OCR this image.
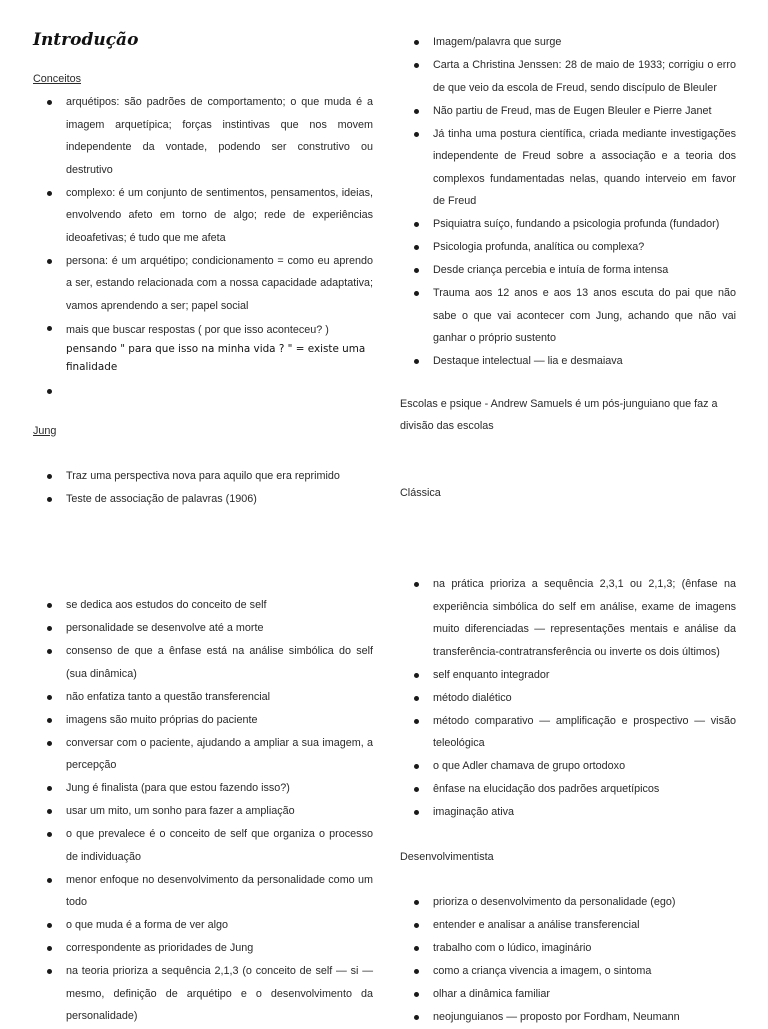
Introdução
Conceitos
arquétipos: são padrões de comportamento; o que muda é a imagem arquetípica; forças instintivas que nos movem independente da vontade, podendo ser construtivo ou destrutivo
complexo: é um conjunto de sentimentos, pensamentos, ideias, envolvendo afeto em torno de algo; rede de experiências ideoafetivas; é tudo que me afeta
persona: é um arquétipo; condicionamento = como eu aprendo a ser, estando relacionada com a nossa capacidade adaptativa; vamos aprendendo a ser; papel social
mais que buscar respostas ( por que isso aconteceu? )
pensando " para que isso na minha vida ? " = existe uma
finalidade
Jung
Traz uma perspectiva nova para aquilo que era reprimido
Teste de associação de palavras (1906)
se dedica aos estudos do conceito de self
personalidade se desenvolve até a morte
consenso de que a ênfase está na análise simbólica do self (sua dinâmica)
não enfatiza tanto a questão transferencial
imagens são muito próprias do paciente
conversar com o paciente, ajudando a ampliar a sua imagem, a percepção
Jung é finalista (para que estou fazendo isso?)
usar um mito, um sonho para fazer a ampliação
o que prevalece é o conceito de self que organiza o processo de individuação
menor enfoque no desenvolvimento da personalidade como um todo
o que muda é a forma de ver algo
correspondente as prioridades de Jung
na teoria prioriza a sequência 2,1,3 (o conceito de self — si — mesmo, definição de arquétipo e o desenvolvimento da personalidade)
Imagem/palavra que surge
Carta a Christina Jenssen: 28 de maio de 1933; corrigiu o erro de que veio da escola de Freud, sendo discípulo de Bleuler
Não partiu de Freud, mas de Eugen Bleuler e Pierre Janet
Já tinha uma postura científica, criada mediante investigações independente de Freud sobre a associação e a teoria dos complexos fundamentadas nelas, quando interveio em favor de Freud
Psiquiatra suíço, fundando a psicologia profunda (fundador)
Psicologia profunda, analítica ou complexa?
Desde criança percebia e intuía de forma intensa
Trauma aos 12 anos e aos 13 anos escuta do pai que não sabe o que vai acontecer com Jung, achando que não vai ganhar o próprio sustento
Destaque intelectual — lia e desmaiava
Escolas e psique - Andrew Samuels é um pós-junguiano que faz a divisão das escolas
Clássica
na prática prioriza a sequência 2,3,1 ou 2,1,3; (ênfase na experiência simbólica do self em análise, exame de imagens muito diferenciadas — representações mentais e análise da transferência-contratransferência ou inverte os dois últimos)
self enquanto integrador
método dialético
método comparativo — amplificação e prospectivo — visão teleológica
o que Adler chamava de grupo ortodoxo
ênfase na elucidação dos padrões arquetípicos
imaginação ativa
Desenvolvimentista
prioriza o desenvolvimento da personalidade (ego)
entender e analisar a análise transferencial
trabalho com o lúdico, imaginário
como a criança vivencia a imagem, o sintoma
olhar a dinâmica familiar
neojunguianos — proposto por Fordham, Neumann
